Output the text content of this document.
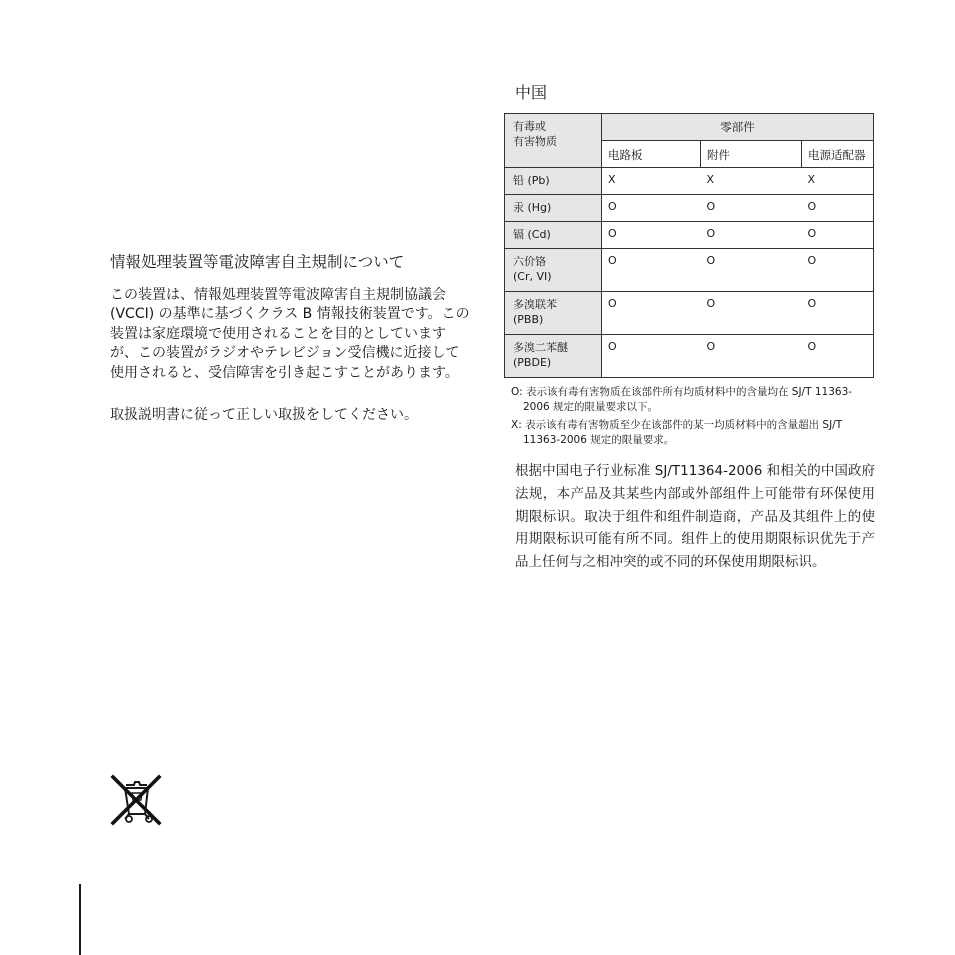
情報処理装置等電波障害自主規制について
この装置は、情報処理装置等電波障害自主規制協議会 (VCCI) の基準に基づくクラス B 情報技術装置です。この装置は家庭環境で使用されることを目的としていますが、この装置がラジオやテレビジョン受信機に近接して使用されると、受信障害を引き起こすことがあります。
取扱説明書に従って正しい取扱をしてください。
中国
有毒或
有害物质	零部件		
	电路板	附件	电源适配器
铅 (Pb)	X	X	X
汞 (Hg)	O	O	O
镉 (Cd)	O	O	O
六价铬
(Cr, VI)	O	O	O
多溴联苯
(PBB)	O	O	O
多溴二苯醚
(PBDE)	O	O	O
O: 表示该有毒有害物质在该部件所有均质材料中的含量均在 SJ/T 11363-2006 规定的限量要求以下。
X: 表示该有毒有害物质至少在该部件的某一均质材料中的含量超出 SJ/T 11363-2006 规定的限量要求。
根据中国电子行业标准 SJ/T11364-2006 和相关的中国政府法规，本产品及其某些内部或外部组件上可能带有环保使用期限标识。取决于组件和组件制造商，产品及其组件上的使用期限标识可能有所不同。组件上的使用期限标识优先于产品上任何与之相冲突的或不同的环保使用期限标识。
